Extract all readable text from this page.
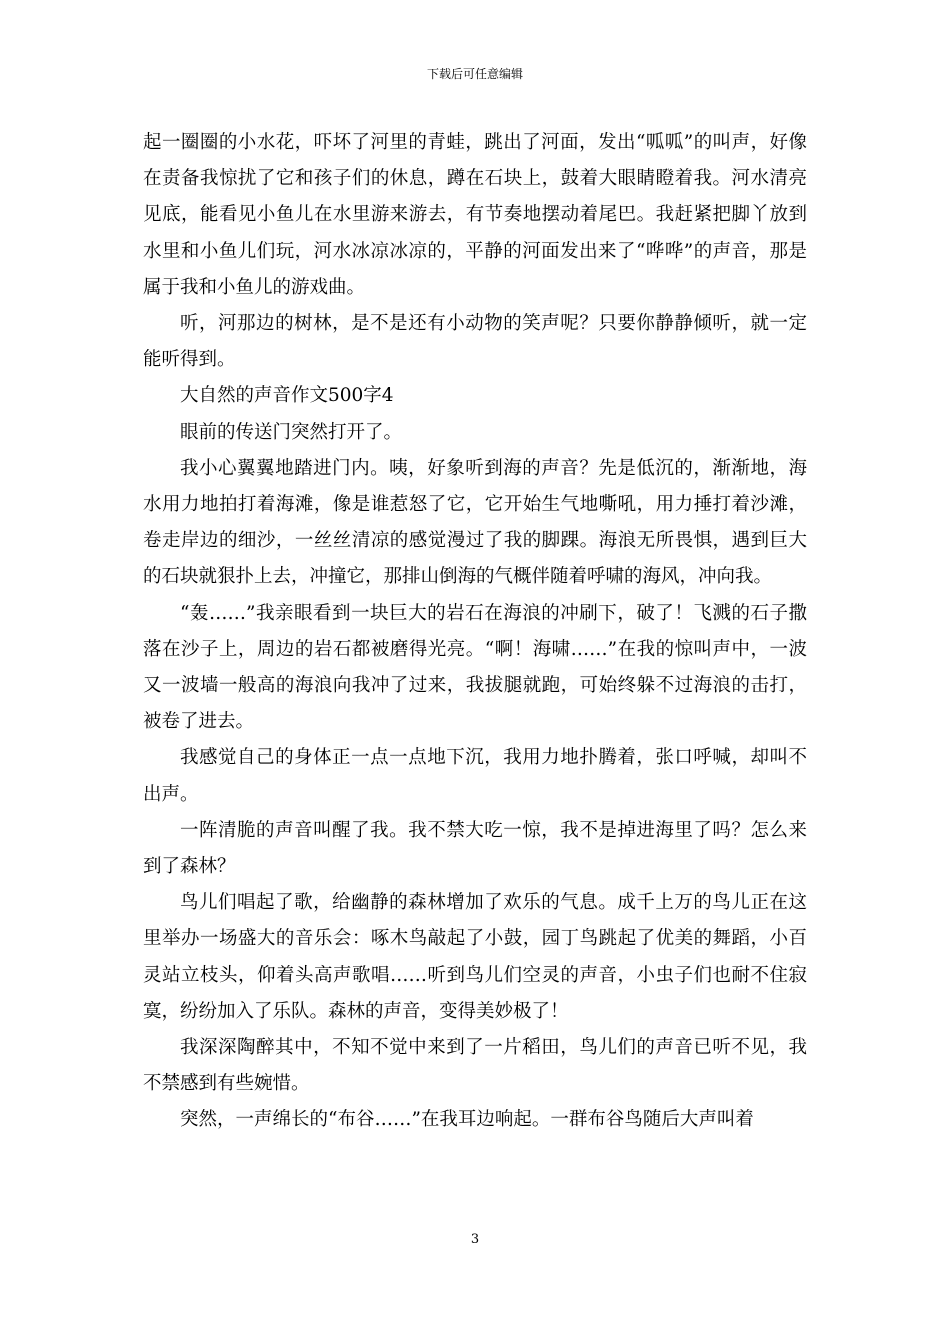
下载后可任意编辑

起一圈圈的小水花，吓坏了河里的青蛙，跳出了河面，发出“呱呱”的叫声，好像在责备我惊扰了它和孩子们的休息，蹲在石块上，鼓着大眼睛瞪着我。河水清亮见底，能看见小鱼儿在水里游来游去，有节奏地摆动着尾巴。我赶紧把脚丫放到水里和小鱼儿们玩，河水冰凉冰凉的，平静的河面发出来了“哗哗”的声音，那是属于我和小鱼儿的游戏曲。

听，河那边的树林，是不是还有小动物的笑声呢？只要你静静倾听，就一定能听得到。

大自然的声音作文500字4

眼前的传送门突然打开了。

我小心翼翼地踏进门内。咦，好象听到海的声音？先是低沉的，渐渐地，海水用力地拍打着海滩，像是谁惹怒了它，它开始生气地嘶吼，用力捶打着沙滩，卷走岸边的细沙，一丝丝清凉的感觉漫过了我的脚踝。海浪无所畏惧，遇到巨大的石块就狠扑上去，冲撞它，那排山倒海的气概伴随着呼啸的海风，冲向我。

“轰……”我亲眼看到一块巨大的岩石在海浪的冲刷下，破了！飞溅的石子撒落在沙子上，周边的岩石都被磨得光亮。“啊！海啸……”在我的惊叫声中，一波又一波墙一般高的海浪向我冲了过来，我拔腿就跑，可始终躲不过海浪的击打，被卷了进去。

我感觉自己的身体正一点一点地下沉，我用力地扑腾着，张口呼喊，却叫不出声。

一阵清脆的声音叫醒了我。我不禁大吃一惊，我不是掉进海里了吗？怎么来到了森林？

鸟儿们唱起了歌，给幽静的森林增加了欢乐的气息。成千上万的鸟儿正在这里举办一场盛大的音乐会：啄木鸟敲起了小鼓，园丁鸟跳起了优美的舞蹈，小百灵站立枝头，仰着头高声歌唱……听到鸟儿们空灵的声音，小虫子们也耐不住寂寞，纷纷加入了乐队。森林的声音，变得美妙极了！

我深深陶醉其中，不知不觉中来到了一片稻田，鸟儿们的声音已听不见，我不禁感到有些婉惜。

突然，一声绵长的“布谷……”在我耳边响起。一群布谷鸟随后大声叫着

3
